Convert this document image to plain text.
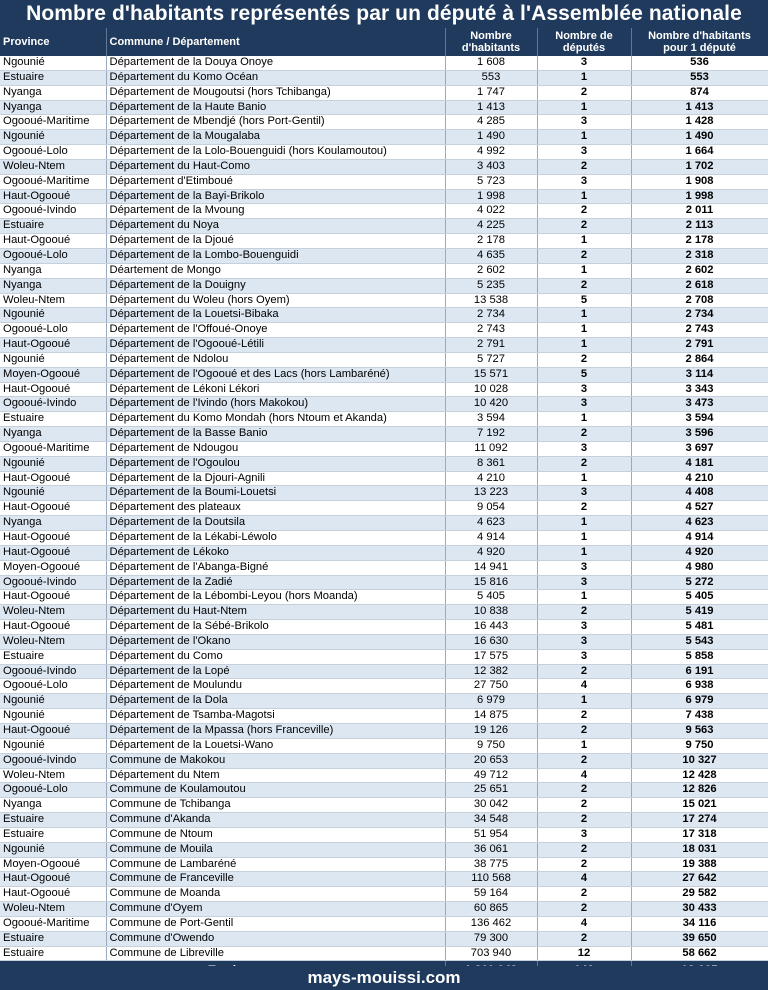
Nombre d'habitants représentés par un député à l'Assemblée nationale
Province	Commune / Département	Nombre d'habitants	Nombre de députés	Nombre d'habitants pour 1 député
Ngounié	Département de la Douya Onoye	1 608	3	536
Estuaire	Département du Komo Océan	553	1	553
Nyanga	Département de Mougoutsi (hors Tchibanga)	1 747	2	874
Nyanga	Département de la Haute Banio	1 413	1	1 413
Ogooué-Maritime	Département de Mbendjé (hors Port-Gentil)	4 285	3	1 428
Ngounié	Département de la Mougalaba	1 490	1	1 490
Ogooué-Lolo	Département de la Lolo-Bouenguidi (hors Koulamoutou)	4 992	3	1 664
Woleu-Ntem	Département du Haut-Como	3 403	2	1 702
Ogooué-Maritime	Département d'Etimboué	5 723	3	1 908
Haut-Ogooué	Département de la Bayi-Brikolo	1 998	1	1 998
Ogooué-Ivindo	Département de la Mvoung	4 022	2	2 011
Estuaire	Département du Noya	4 225	2	2 113
Haut-Ogooué	Département de la Djoué	2 178	1	2 178
Ogooué-Lolo	Département de la Lombo-Bouenguidi	4 635	2	2 318
Nyanga	Déartement de Mongo	2 602	1	2 602
Nyanga	Département de la Douigny	5 235	2	2 618
Woleu-Ntem	Département du Woleu (hors Oyem)	13 538	5	2 708
Ngounié	Département de la Louetsi-Bibaka	2 734	1	2 734
Ogooué-Lolo	Département de l'Offoué-Onoye	2 743	1	2 743
Haut-Ogooué	Département de l'Ogooué-Létili	2 791	1	2 791
Ngounié	Département de Ndolou	5 727	2	2 864
Moyen-Ogooué	Département de l'Ogooué et des Lacs (hors Lambaréné)	15 571	5	3 114
Haut-Ogooué	Département de Lékoni Lékori	10 028	3	3 343
Ogooué-Ivindo	Département de l'Ivindo (hors Makokou)	10 420	3	3 473
Estuaire	Département du Komo Mondah (hors Ntoum et Akanda)	3 594	1	3 594
Nyanga	Département de la Basse Banio	7 192	2	3 596
Ogooué-Maritime	Département de Ndougou	11 092	3	3 697
Ngounié	Département de l'Ogoulou	8 361	2	4 181
Haut-Ogooué	Département de la Djouri-Agnili	4 210	1	4 210
Ngounié	Département de la Boumi-Louetsi	13 223	3	4 408
Haut-Ogooué	Département des plateaux	9 054	2	4 527
Nyanga	Département de la Doutsila	4 623	1	4 623
Haut-Ogooué	Département de la Lékabi-Léwolo	4 914	1	4 914
Haut-Ogooué	Département de Lékoko	4 920	1	4 920
Moyen-Ogooué	Département de l'Abanga-Bigné	14 941	3	4 980
Ogooué-Ivindo	Département de la Zadié	15 816	3	5 272
Haut-Ogooué	Département de la Lébombi-Leyou (hors Moanda)	5 405	1	5 405
Woleu-Ntem	Département du Haut-Ntem	10 838	2	5 419
Haut-Ogooué	Département de la Sébé-Brikolo	16 443	3	5 481
Woleu-Ntem	Département de l'Okano	16 630	3	5 543
Estuaire	Département du Como	17 575	3	5 858
Ogooué-Ivindo	Département de la Lopé	12 382	2	6 191
Ogooué-Lolo	Département de Moulundu	27 750	4	6 938
Ngounié	Département de la Dola	6 979	1	6 979
Ngounié	Département de Tsamba-Magotsi	14 875	2	7 438
Haut-Ogooué	Département de la Mpassa (hors Franceville)	19 126	2	9 563
Ngounié	Département de la Louetsi-Wano	9 750	1	9 750
Ogooué-Ivindo	Commune de Makokou	20 653	2	10 327
Woleu-Ntem	Département du Ntem	49 712	4	12 428
Ogooué-Lolo	Commune de Koulamoutou	25 651	2	12 826
Nyanga	Commune de Tchibanga	30 042	2	15 021
Estuaire	Commune d'Akanda	34 548	2	17 274
Estuaire	Commune de Ntoum	51 954	3	17 318
Ngounié	Commune de Mouila	36 061	2	18 031
Moyen-Ogooué	Commune de Lambaréné	38 775	2	19 388
Haut-Ogooué	Commune de Franceville	110 568	4	27 642
Haut-Ogooué	Commune de Moanda	59 164	2	29 582
Woleu-Ntem	Commune d'Oyem	60 865	2	30 433
Ogooué-Maritime	Commune de Port-Gentil	136 462	4	34 116
Estuaire	Commune d'Owendo	79 300	2	39 650
Estuaire	Commune de Libreville	703 940	12	58 662

mays-mouissi.com
